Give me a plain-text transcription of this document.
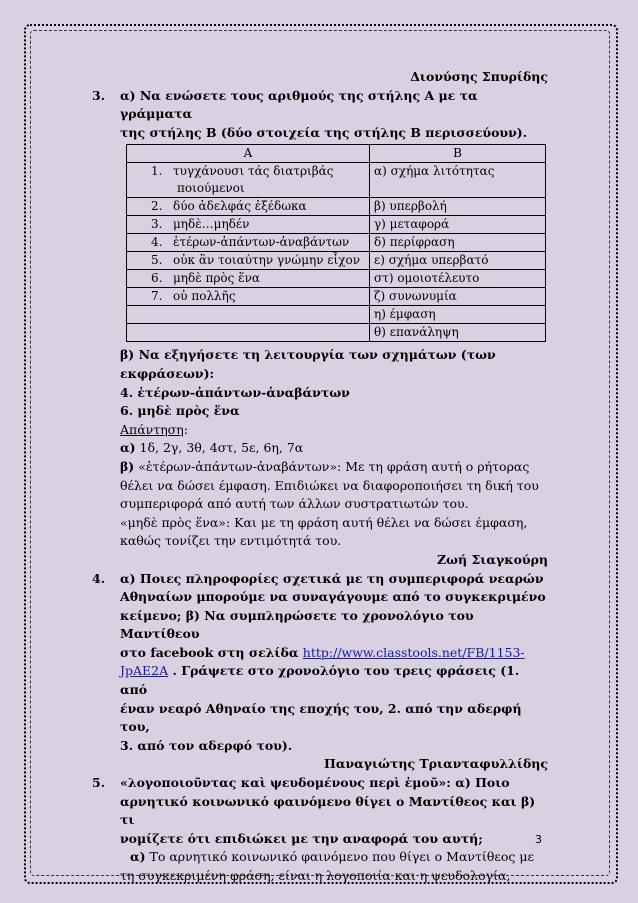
Διονύσης Σπυρίδης
3. α) Να ενώσετε τους αριθμούς της στήλης Α με τα γράμματα
της στήλης Β (δύο στοιχεία της στήλης Β περισσεύουν).
Α	Β
1. τυγχάνουσι τάς διατριβάς
ποιούμενοι	α) σχήμα λιτότητας
2. δύο ἀδελφάς ἐξέδωκα	β) υπερβολή
3. μηδὲ…μηδέν	γ) μεταφορά
4. ἑτέρων-ἀπάντων-ἀναβάντων	δ) περίφραση
5. οὐκ ἂν τοιαύτην γνώμην εἶχον	ε) σχήμα υπερβατό
6. μηδὲ πρὸς ἕνα	στ) ομοιοτέλευτο
7. οὐ πολλῆς	ζ) συνωνυμία
	η) έμφαση
	θ) επανάληψη
β) Να εξηγήσετε τη λειτουργία των σχημάτων (των
εκφράσεων):
4. ἑτέρων-ἀπάντων-ἀναβάντων
6. μηδὲ πρὸς ἕνα
Απάντηση:
α) 1δ, 2γ, 3θ, 4στ, 5ε, 6η, 7α
β) «ἑτέρων-ἀπάντων-ἀναβάντων»: Με τη φράση αυτή ο ρήτορας
θέλει να δώσει έμφαση. Επιδιώκει να διαφοροποιήσει τη δική του
συμπεριφορά από αυτή των άλλων συστρατιωτών του.
«μηδὲ πρὸς ἕνα»: Και με τη φράση αυτή θέλει να δώσει έμφαση,
καθώς τονίζει την εντιμότητά του.
Ζωή Σιαγκούρη
4. α) Ποιες πληροφορίες σχετικά με τη συμπεριφορά νεαρών
Αθηναίων μπορούμε να συναγάγουμε από το συγκεκριμένο
κείμενο; β) Να συμπληρώσετε το χρονολόγιο του Μαντίθεου
στο facebook στη σελίδα http://www.classtools.net/FB/1153-
JpAE2A . Γράψετε στο χρονολόγιο του τρεις φράσεις (1. από
έναν νεαρό Αθηναίο της εποχής του, 2. από την αδερφή του,
3. από τον αδερφό του).
Παναγιώτης Τριανταφυλλίδης
5. «λογοποιοῦντας καὶ ψευδομένους περὶ ἐμοῦ»: α) Ποιο
αρνητικό κοινωνικό φαινόμενο θίγει ο Μαντίθεος και β) τι
νομίζετε ότι επιδιώκει με την αναφορά του αυτή;
α) Το αρνητικό κοινωνικό φαινόμενο που θίγει ο Μαντίθεος με
τη συγκεκριμένη φράση, είναι η λογοποιία και η ψευδολογία,
3
